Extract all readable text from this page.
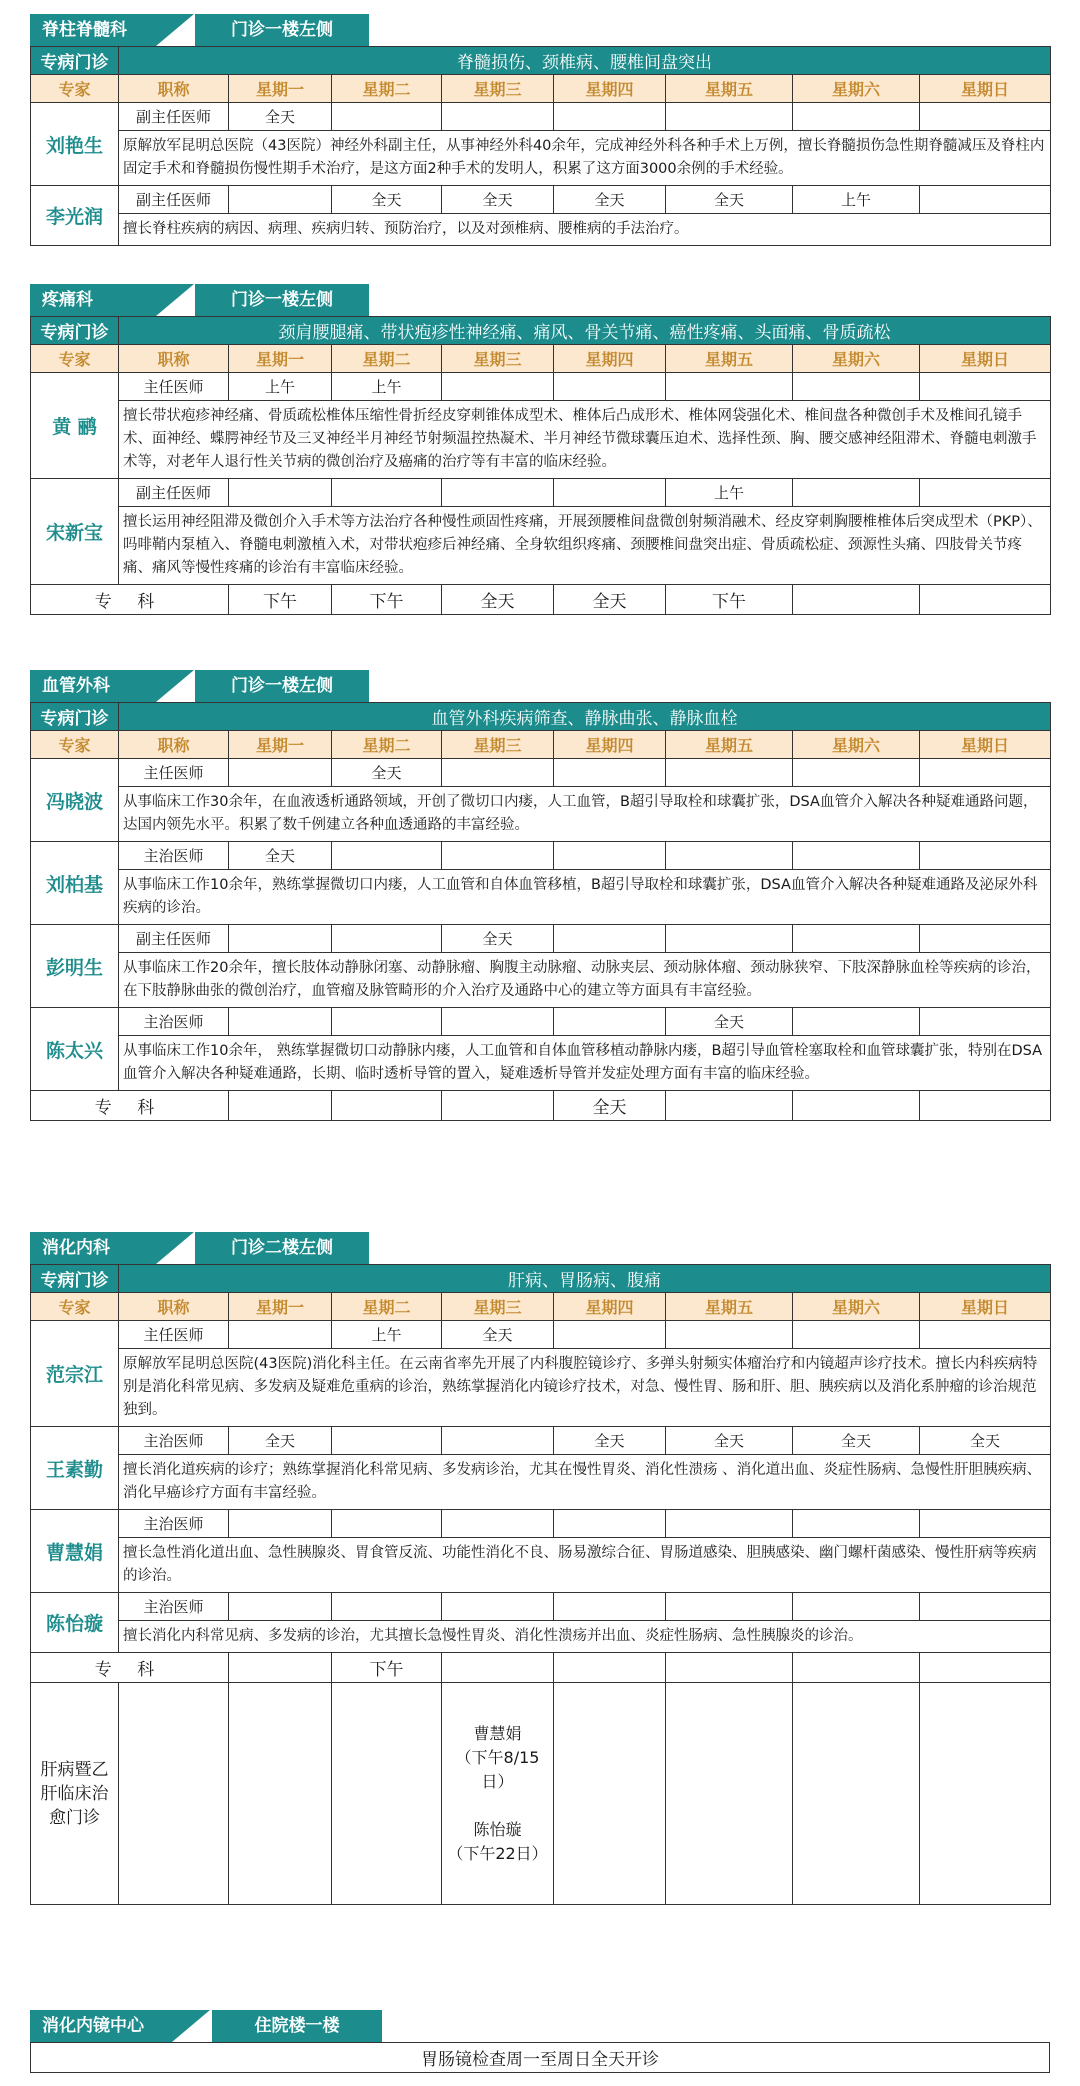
脊柱脊髓科	门诊一楼左侧
专病门诊	脊髓损伤、颈椎病、腰椎间盘突出							
专家	职称	星期一	星期二	星期三	星期四	星期五	星期六	星期日
刘艳生	副主任医师	全天						
	原解放军昆明总医院（43医院）神经外科副主任，从事神经外科40余年，完成神经外科各种手术上万例，擅长脊髓损伤急性期脊髓减压及脊柱内固定手术和脊髓损伤慢性期手术治疗，是这方面2种手术的发明人，积累了这方面3000余例的手术经验。							
李光润	副主任医师		全天	全天	全天	全天	上午	
	擅长脊柱疾病的病因、病理、疾病归转、预防治疗，以及对颈椎病、腰椎病的手法治疗。							
疼痛科	门诊一楼左侧
专病门诊	颈肩腰腿痛、带状疱疹性神经痛、痛风、骨关节痛、癌性疼痛、头面痛、骨质疏松							
专家	职称	星期一	星期二	星期三	星期四	星期五	星期六	星期日
黄 鹂	主任医师	上午	上午					
	擅长带状疱疹神经痛、骨质疏松椎体压缩性骨折经皮穿刺锥体成型术、椎体后凸成形术、椎体网袋强化术、椎间盘各种微创手术及椎间孔镜手术、面神经、蝶腭神经节及三叉神经半月神经节射频温控热凝术、半月神经节微球囊压迫术、选择性颈、胸、腰交感神经阻滞术、脊髓电刺激手术等，对老年人退行性关节病的微创治疗及癌痛的治疗等有丰富的临床经验。							
宋新宝	副主任医师					上午		
	擅长运用神经阻滞及微创介入手术等方法治疗各种慢性顽固性疼痛，开展颈腰椎间盘微创射频消融术、经皮穿刺胸腰椎椎体后突成型术（PKP）、吗啡鞘内泵植入、脊髓电刺激植入术，对带状疱疹后神经痛、全身软组织疼痛、颈腰椎间盘突出症、骨质疏松症、颈源性头痛、四肢骨关节疼痛、痛风等慢性疼痛的诊治有丰富临床经验。							
专 科		下午	下午	全天	全天	下午		
血管外科	门诊一楼左侧
专病门诊	血管外科疾病筛查、静脉曲张、静脉血栓							
专家	职称	星期一	星期二	星期三	星期四	星期五	星期六	星期日
冯晓波	主任医师		全天					
	从事临床工作30余年，在血液透析通路领域，开创了微切口内瘘，人工血管，B超引导取栓和球囊扩张，DSA血管介入解决各种疑难通路问题，达国内领先水平。积累了数千例建立各种血透通路的丰富经验。							
刘柏基	主治医师	全天						
	从事临床工作10余年，熟练掌握微切口内瘘，人工血管和自体血管移植，B超引导取栓和球囊扩张，DSA血管介入解决各种疑难通路及泌尿外科疾病的诊治。							
彭明生	副主任医师			全天				
	从事临床工作20余年，擅长肢体动静脉闭塞、动静脉瘤、胸腹主动脉瘤、动脉夹层、颈动脉体瘤、颈动脉狭窄、下肢深静脉血栓等疾病的诊治，在下肢静脉曲张的微创治疗，血管瘤及脉管畸形的介入治疗及通路中心的建立等方面具有丰富经验。							
陈太兴	主治医师					全天		
	从事临床工作10余年， 熟练掌握微切口动静脉内瘘，人工血管和自体血管移植动静脉内瘘，B超引导血管栓塞取栓和血管球囊扩张，特别在DSA血管介入解决各种疑难通路，长期、临时透析导管的置入，疑难透析导管并发症处理方面有丰富的临床经验。							
专 科					全天			
消化内科	门诊二楼左侧
专病门诊	肝病、胃肠病、腹痛							
专家	职称	星期一	星期二	星期三	星期四	星期五	星期六	星期日
范宗江	主任医师		上午	全天				
	原解放军昆明总医院(43医院)消化科主任。在云南省率先开展了内科腹腔镜诊疗、多弹头射频实体瘤治疗和内镜超声诊疗技术。擅长内科疾病特别是消化科常见病、多发病及疑难危重病的诊治，熟练掌握消化内镜诊疗技术，对急、慢性胃、肠和肝、胆、胰疾病以及消化系肿瘤的诊治规范独到。							
王素勤	主治医师	全天			全天	全天	全天	全天
	擅长消化道疾病的诊疗；熟练掌握消化科常见病、多发病诊治，尤其在慢性胃炎、消化性溃疡 、消化道出血、炎症性肠病、急慢性肝胆胰疾病、消化早癌诊疗方面有丰富经验。							
曹慧娟	主治医师							
	擅长急性消化道出血、急性胰腺炎、胃食管反流、功能性消化不良、肠易激综合征、胃肠道感染、胆胰感染、幽门螺杆菌感染、慢性肝病等疾病的诊治。							
陈怡璇	主治医师							
	擅长消化内科常见病、多发病的诊治，尤其擅长急慢性胃炎、消化性溃疡并出血、炎症性肠病、急性胰腺炎的诊治。							
专 科			下午					
肝病暨乙肝临床治愈门诊				曹慧娟
（下午8/15日）
陈怡璇
（下午22日）				

消化内镜中心	住院楼一楼
胃肠镜检查周一至周日全天开诊
